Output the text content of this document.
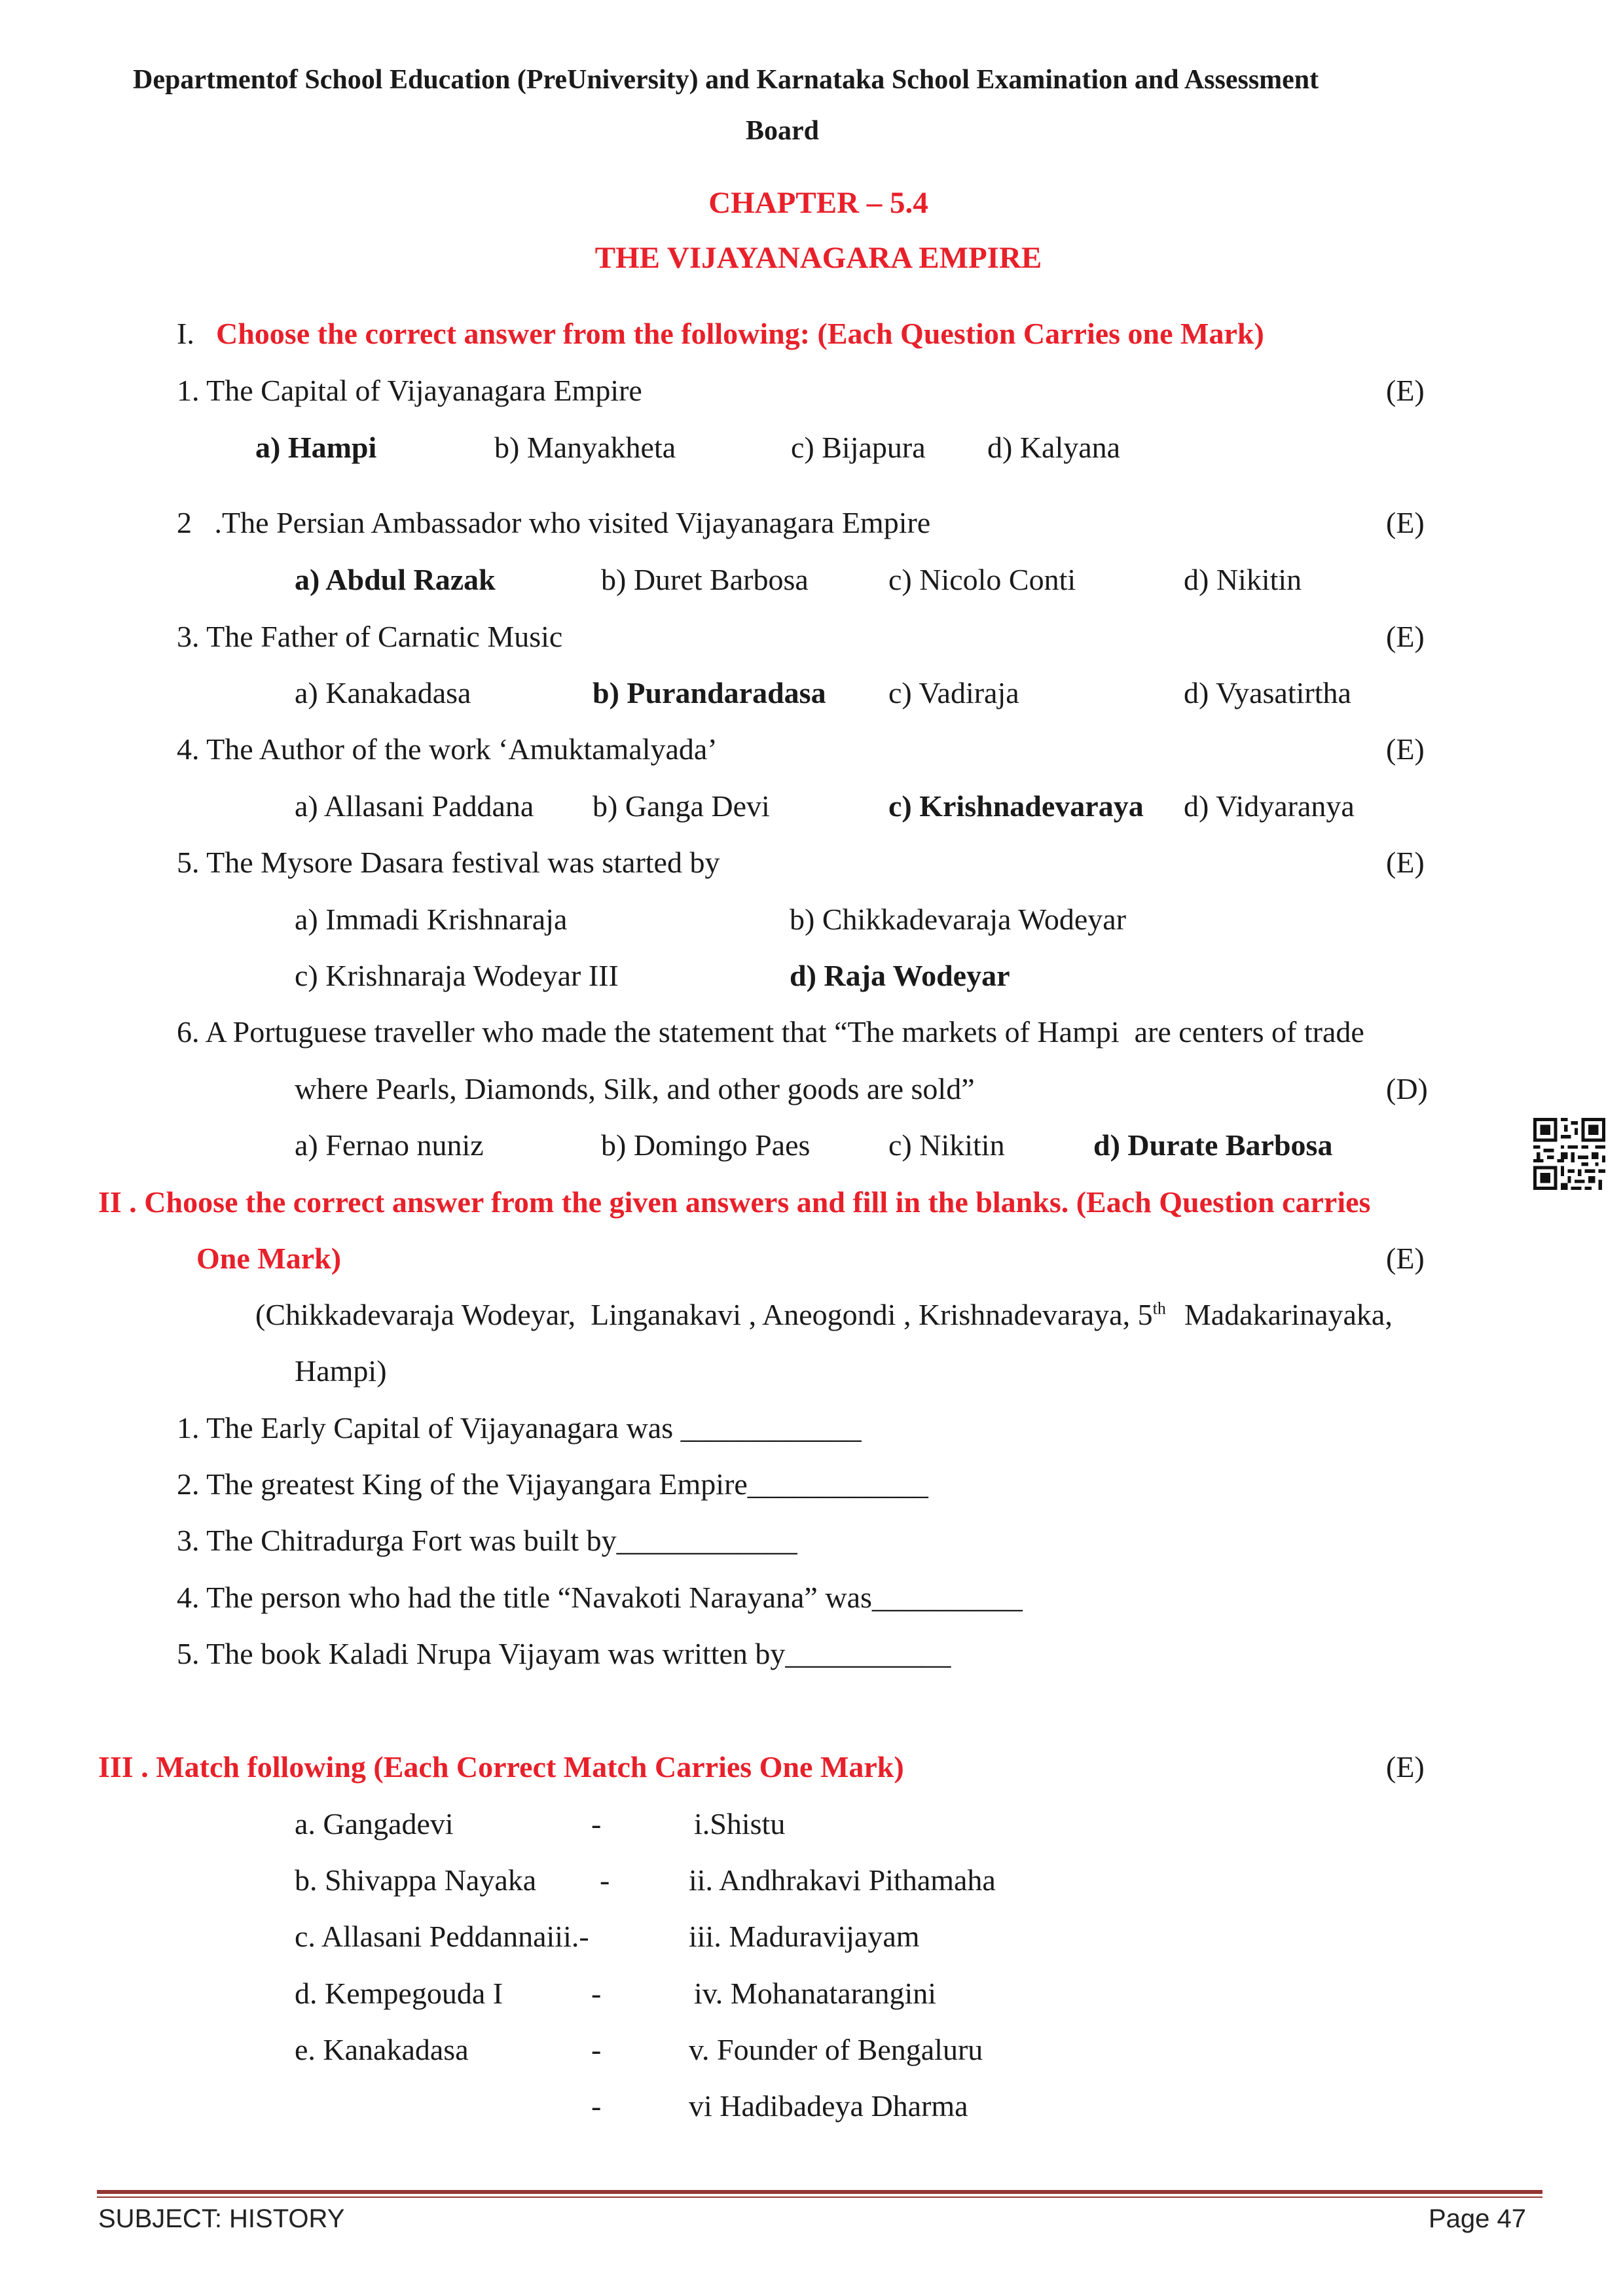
Departmentof School Education (PreUniversity) and Karnataka School Examination and Assessment
Board
CHAPTER – 5.4
THE VIJAYANAGARA EMPIRE
I. Choose the correct answer from the following: (Each Question Carries one Mark)
1. The Capital of Vijayanagara Empire	(E)
a) Hampi	b) Manyakheta	c) Bijapura d) Kalyana
2   .The Persian Ambassador who visited Vijayanagara Empire	(E)
a) Abdul Razak	b) Duret Barbosa	c) Nicolo Conti	d) Nikitin
3. The Father of Carnatic Music	(E)
a) Kanakadasa	b) Purandaradasa c) Vadiraja	d) Vyasatirtha
4. The Author of the work ‘Amuktamalyada’	(E)
a) Allasani Paddana b) Ganga Devi	c) Krishnadevaraya d) Vidyaranya
5. The Mysore Dasara festival was started by	(E)
a) Immadi Krishnaraja	b) Chikkadevaraja Wodeyar
c) Krishnaraja Wodeyar III	d) Raja Wodeyar
6. A Portuguese traveller who made the statement that “The markets of Hampi  are centers of trade
where Pearls, Diamonds, Silk, and other goods are sold”	(D)
a) Fernao nuniz	b) Domingo Paes	c) Nikitin	d) Durate Barbosa
II . Choose the correct answer from the given answers and fill in the blanks. (Each Question carries
One Mark)	(E)
(Chikkadevaraja Wodeyar,  Linganakavi , Aneogondi , Krishnadevaraya, 5th Madakarinayaka,
Hampi)
1. The Early Capital of Vijayanagara was ____________
2. The greatest King of the Vijayangara Empire____________
3. The Chitradurga Fort was built by____________
4. The person who had the title “Navakoti Narayana” was__________
5. The book Kaladi Nrupa Vijayam was written by___________
III . Match following (Each Correct Match Carries One Mark)	(E)
a. Gangadevi	-	i.Shistu
b. Shivappa Nayaka -	ii. Andhrakavi Pithamaha
c. Allasani Peddannaiii.-	iii. Maduravijayam
d. Kempegouda I	-	iv. Mohanatarangini
e. Kanakadasa	-	v. Founder of Bengaluru
-	vi Hadibadeya Dharma
SUBJECT: HISTORY	Page 47
